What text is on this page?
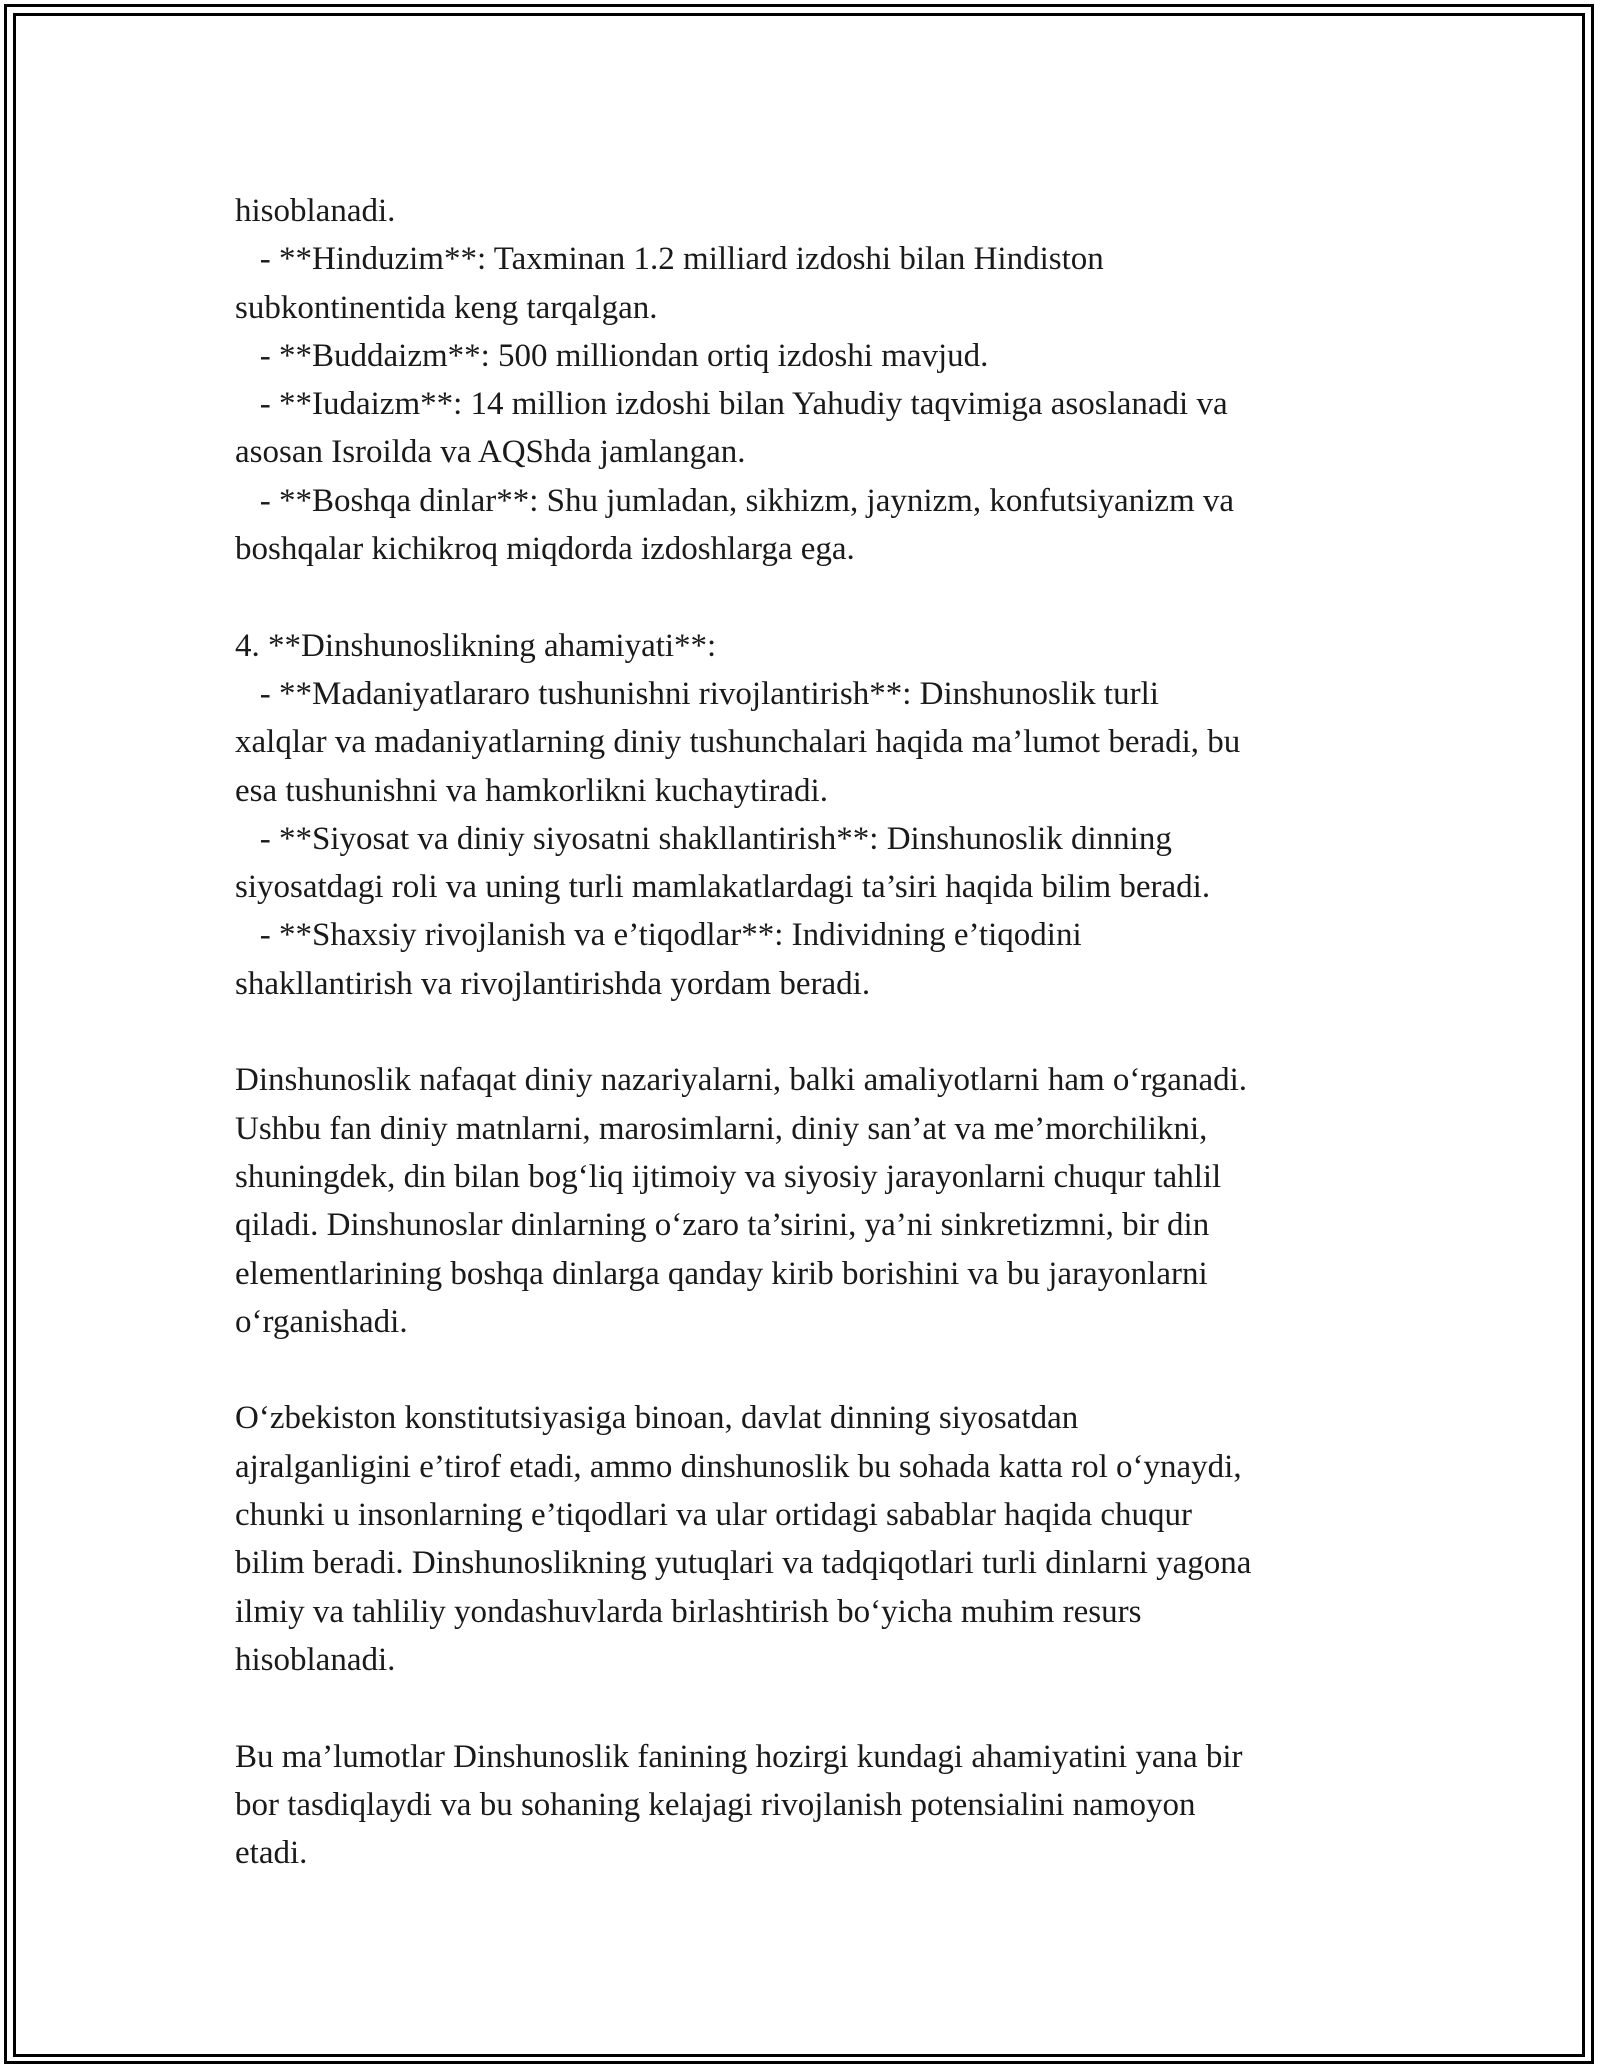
hisoblanadi.
- **Hinduzim**: Taxminan 1.2 milliard izdoshi bilan Hindiston
subkontinentida keng tarqalgan.
- **Buddaizm**: 500 milliondan ortiq izdoshi mavjud.
- **Iudaizm**: 14 million izdoshi bilan Yahudiy taqvimiga asoslanadi va
asosan Isroilda va AQShda jamlangan.
- **Boshqa dinlar**: Shu jumladan, sikhizm, jaynizm, konfutsiyanizm va
boshqalar kichikroq miqdorda izdoshlarga ega.
4. **Dinshunoslikning ahamiyati**:
- **Madaniyatlararo tushunishni rivojlantirish**: Dinshunoslik turli
xalqlar va madaniyatlarning diniy tushunchalari haqida ma’lumot beradi, bu
esa tushunishni va hamkorlikni kuchaytiradi.
- **Siyosat va diniy siyosatni shakllantirish**: Dinshunoslik dinning
siyosatdagi roli va uning turli mamlakatlardagi ta’siri haqida bilim beradi.
- **Shaxsiy rivojlanish va e’tiqodlar**: Individning e’tiqodini
shakllantirish va rivojlantirishda yordam beradi.
Dinshunoslik nafaqat diniy nazariyalarni, balki amaliyotlarni ham o‘rganadi.
Ushbu fan diniy matnlarni, marosimlarni, diniy san’at va me’morchilikni,
shuningdek, din bilan bog‘liq ijtimoiy va siyosiy jarayonlarni chuqur tahlil
qiladi. Dinshunoslar dinlarning o‘zaro ta’sirini, ya’ni sinkretizmni, bir din
elementlarining boshqa dinlarga qanday kirib borishini va bu jarayonlarni
o‘rganishadi.
O‘zbekiston konstitutsiyasiga binoan, davlat dinning siyosatdan
ajralganligini e’tirof etadi, ammo dinshunoslik bu sohada katta rol o‘ynaydi,
chunki u insonlarning e’tiqodlari va ular ortidagi sabablar haqida chuqur
bilim beradi. Dinshunoslikning yutuqlari va tadqiqotlari turli dinlarni yagona
ilmiy va tahliliy yondashuvlarda birlashtirish bo‘yicha muhim resurs
hisoblanadi.
Bu ma’lumotlar Dinshunoslik fanining hozirgi kundagi ahamiyatini yana bir
bor tasdiqlaydi va bu sohaning kelajagi rivojlanish potensialini namoyon
etadi.
